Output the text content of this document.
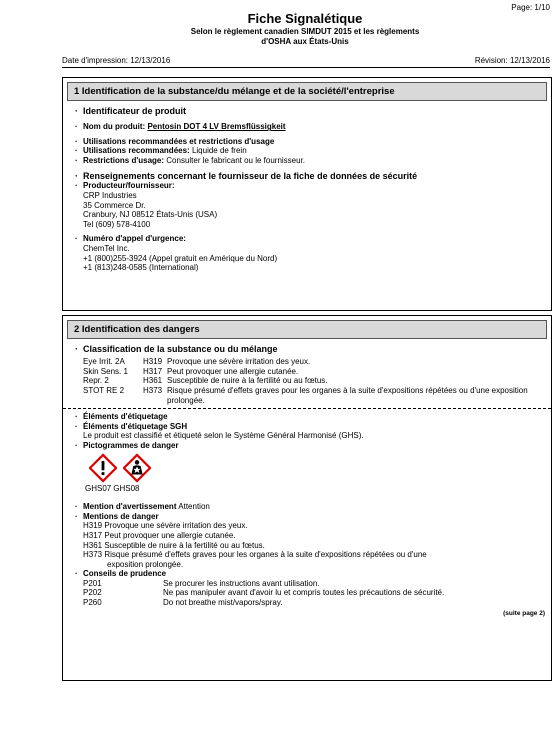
Page: 1/10
Fiche Signalétique
Selon le règlement canadien SIMDUT 2015 et les règlements
d'OSHA aux États-Unis
Date d'impression: 12/13/2016	Révision: 12/13/2016
1 Identification de la substance/du mélange et de la société/l'entreprise
· Identificateur de produit
· Nom du produit: Pentosin DOT 4 LV Bremsflüssigkeit
· Utilisations recommandées et restrictions d'usage
· Utilisations recommandées: Liquide de frein
· Restrictions d'usage: Consulter le fabricant ou le fournisseur.
· Renseignements concernant le fournisseur de la fiche de données de sécurité
· Producteur/fournisseur:
CRP Industries
35 Commerce Dr.
Cranbury, NJ 08512 États-Unis (USA)
Tel (609) 578-4100
· Numéro d'appel d'urgence:
ChemTel Inc.
+1 (800)255-3924 (Appel gratuit en Amérique du Nord)
+1 (813)248-0585 (International)
2 Identification des dangers
· Classification de la substance ou du mélange
Eye Irrit. 2A	H319 Provoque une sévère irritation des yeux.
Skin Sens. 1	H317 Peut provoquer une allergie cutanée.
Repr. 2	H361 Susceptible de nuire à la fertilité ou au fœtus.
STOT RE 2	H373 Risque présumé d'effets graves pour les organes à la suite d'expositions répétées ou d'une exposition prolongée.
· Éléments d'étiquetage
· Éléments d'étiquetage SGH
Le produit est classifié et étiqueté selon le Système Général Harmonisé (GHS).
· Pictogrammes de danger
GHS07 GHS08
· Mention d'avertissement Attention
· Mentions de danger
H319 Provoque une sévère irritation des yeux.
H317 Peut provoquer une allergie cutanée.
H361 Susceptible de nuire à la fertilité ou au fœtus.
H373 Risque présumé d'effets graves pour les organes à la suite d'expositions répétées ou d'une
exposition prolongée.
· Conseils de prudence
P201	Se procurer les instructions avant utilisation.
P202	Ne pas manipuler avant d'avoir lu et compris toutes les précautions de sécurité.
P260	Do not breathe mist/vapors/spray.
(suite page 2)
